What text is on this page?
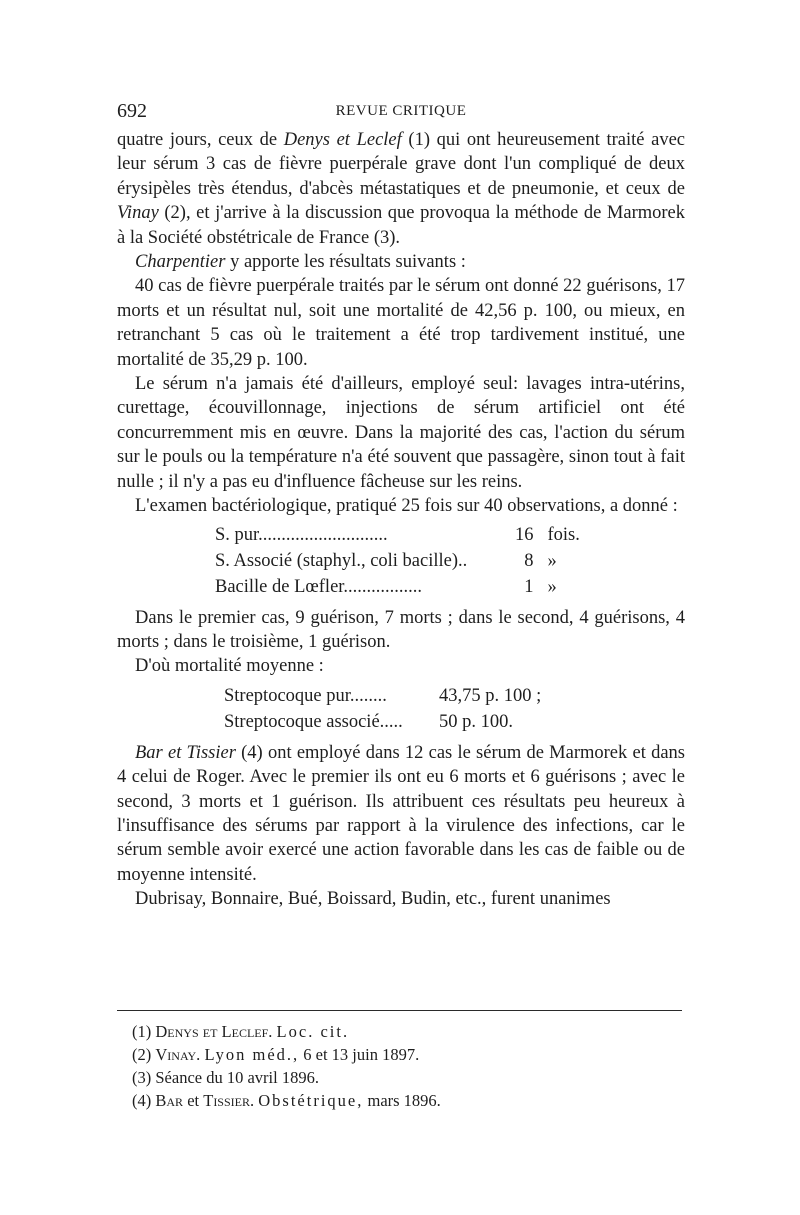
692	REVUE CRITIQUE

quatre jours, ceux de Denys et Leclef (1) qui ont heureusement traité avec leur sérum 3 cas de fièvre puerpérale grave dont l'un compliqué de deux érysipèles très étendus, d'abcès métastatiques et de pneumonie, et ceux de Vinay (2), et j'arrive à la discussion que provoqua la méthode de Marmorek à la Société obstétricale de France (3).

Charpentier y apporte les résultats suivants :

40 cas de fièvre puerpérale traités par le sérum ont donné 22 guérisons, 17 morts et un résultat nul, soit une mortalité de 42,56 p. 100, ou mieux, en retranchant 5 cas où le traitement a été trop tardivement institué, une mortalité de 35,29 p. 100.

Le sérum n'a jamais été d'ailleurs, employé seul: lavages intra-utérins, curettage, écouvillonnage, injections de sérum artificiel ont été concurremment mis en œuvre. Dans la majorité des cas, l'action du sérum sur le pouls ou la température n'a été souvent que passagère, sinon tout à fait nulle ; il n'y a pas eu d'influence fâcheuse sur les reins.

L'examen bactériologique, pratiqué 25 fois sur 40 observations, a donné :

S. pur............................	16 fois.
S. Associé (staphyl., coli bacille)..	8 »
Bacille de Lœfler.................	1 »

Dans le premier cas, 9 guérison, 7 morts ; dans le second, 4 guérisons, 4 morts ; dans le troisième, 1 guérison.

D'où mortalité moyenne :

Streptocoque pur........	43,75 p. 100 ;
Streptocoque associé.....	50 p. 100.

Bar et Tissier (4) ont employé dans 12 cas le sérum de Marmorek et dans 4 celui de Roger. Avec le premier ils ont eu 6 morts et 6 guérisons ; avec le second, 3 morts et 1 guérison. Ils attribuent ces résultats peu heureux à l'insuffisance des sérums par rapport à la virulence des infections, car le sérum semble avoir exercé une action favorable dans les cas de faible ou de moyenne intensité.

Dubrisay, Bonnaire, Bué, Boissard, Budin, etc., furent unanimes

(1) Denys et Leclef. Loc. cit.
(2) Vinay. Lyon méd., 6 et 13 juin 1897.
(3) Séance du 10 avril 1896.
(4) Bar et Tissier. Obstétrique, mars 1896.
